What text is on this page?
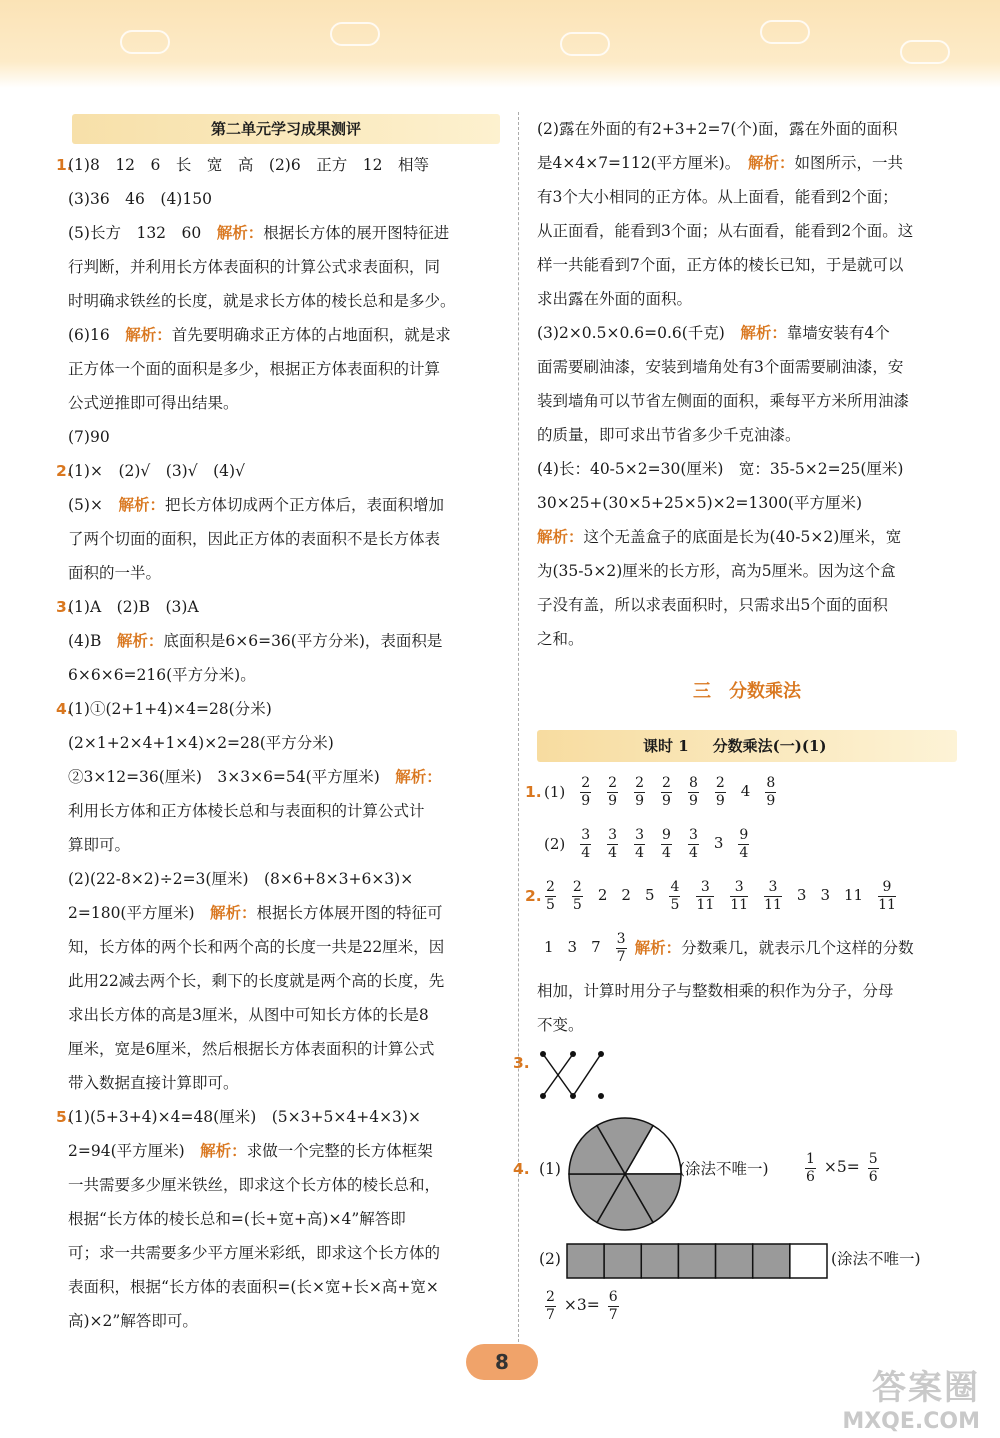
第二单元学习成果测评
1.(1)8　12　6　长　宽　高　(2)6　正方　12　相等
(3)36　46　(4)150
(5)长方　132　60　解析：根据长方体的展开图特征进
行判断，并利用长方体表面积的计算公式求表面积，同
时明确求铁丝的长度，就是求长方体的棱长总和是多少。
(6)16　解析：首先要明确求正方体的占地面积，就是求
正方体一个面的面积是多少，根据正方体表面积的计算
公式逆推即可得出结果。
(7)90
2.(1)×　(2)√　(3)√　(4)√
(5)×　解析：把长方体切成两个正方体后，表面积增加
了两个切面的面积，因此正方体的表面积不是长方体表
面积的一半。
3.(1)A　(2)B　(3)A
(4)B　解析：底面积是6×6=36(平方分米)，表面积是
6×6×6=216(平方分米)。
4.(1)①(2+1+4)×4=28(分米)
(2×1+2×4+1×4)×2=28(平方分米)
②3×12=36(厘米)　3×3×6=54(平方厘米)　解析：
利用长方体和正方体棱长总和与表面积的计算公式计
算即可。
(2)(22-8×2)÷2=3(厘米)　(8×6+8×3+6×3)×
2=180(平方厘米)　解析：根据长方体展开图的特征可
知，长方体的两个长和两个高的长度一共是22厘米，因
此用22减去两个长，剩下的长度就是两个高的长度，先
求出长方体的高是3厘米，从图中可知长方体的长是8
厘米，宽是6厘米，然后根据长方体表面积的计算公式
带入数据直接计算即可。
5.(1)(5+3+4)×4=48(厘米)　(5×3+5×4+4×3)×
2=94(平方厘米)　解析：求做一个完整的长方体框架
一共需要多少厘米铁丝，即求这个长方体的棱长总和，
根据“长方体的棱长总和=(长+宽+高)×4”解答即
可；求一共需要多少平方厘米彩纸，即求这个长方体的
表面积，根据“长方体的表面积=(长×宽+长×高+宽×
高)×2”解答即可。
(2)露在外面的有2+3+2=7(个)面，露在外面的面积
是4×4×7=112(平方厘米)。　解析：如图所示，一共
有3个大小相同的正方体。从上面看，能看到2个面；
从正面看，能看到3个面；从右面看，能看到2个面。这
样一共能看到7个面，正方体的棱长已知，于是就可以
求出露在外面的面积。
(3)2×0.5×0.6=0.6(千克)　解析：靠墙安装有4个
面需要刷油漆，安装到墙角处有3个面需要刷油漆，安
装到墙角可以节省左侧面的面积，乘每平方米所用油漆
的质量，即可求出节省多少千克油漆。
(4)长：40-5×2=30(厘米)　宽：35-5×2=25(厘米)
30×25+(30×5+25×5)×2=1300(平方厘米)
解析：这个无盖盒子的底面是长为(40-5×2)厘米，宽
为(35-5×2)厘米的长方形，高为5厘米。因为这个盒
子没有盖，所以求表面积时，只需求出5个面的面积
之和。
三　分数乘法
课时 1 分数乘法(一)(1)
1. $(1) \frac{2}{9} \frac{2}{9} \frac{2}{9} \frac{2}{9} \frac{8}{9} \frac{2}{9} 4 \frac{8}{9}$
$(2) \frac{3}{4} \frac{3}{4} \frac{3}{4} \frac{9}{4} \frac{3}{4} 3 \frac{9}{4}$
2. $\frac{2}{5} \frac{2}{5} 2$ 2 $5 \frac{4}{5} \frac{3}{11} \frac{3}{11} \frac{3}{11} 3$ 3 $11 \frac{9}{11}$
1 3 $7 \frac{3}{7}$ 解析： 分数乘几，就表示几个这样的分数
相加，计算时用分子与整数相乘的积作为分子，分母
不变。
3.
4. (1)	(涂法不唯一)	$\frac{1}{6} \times 5= \frac{5}{6}$
(2)	(涂法不唯一)
$\frac{2}{7} \times 3= \frac{6}{7}$
8
答案圈
MXQE.COM
